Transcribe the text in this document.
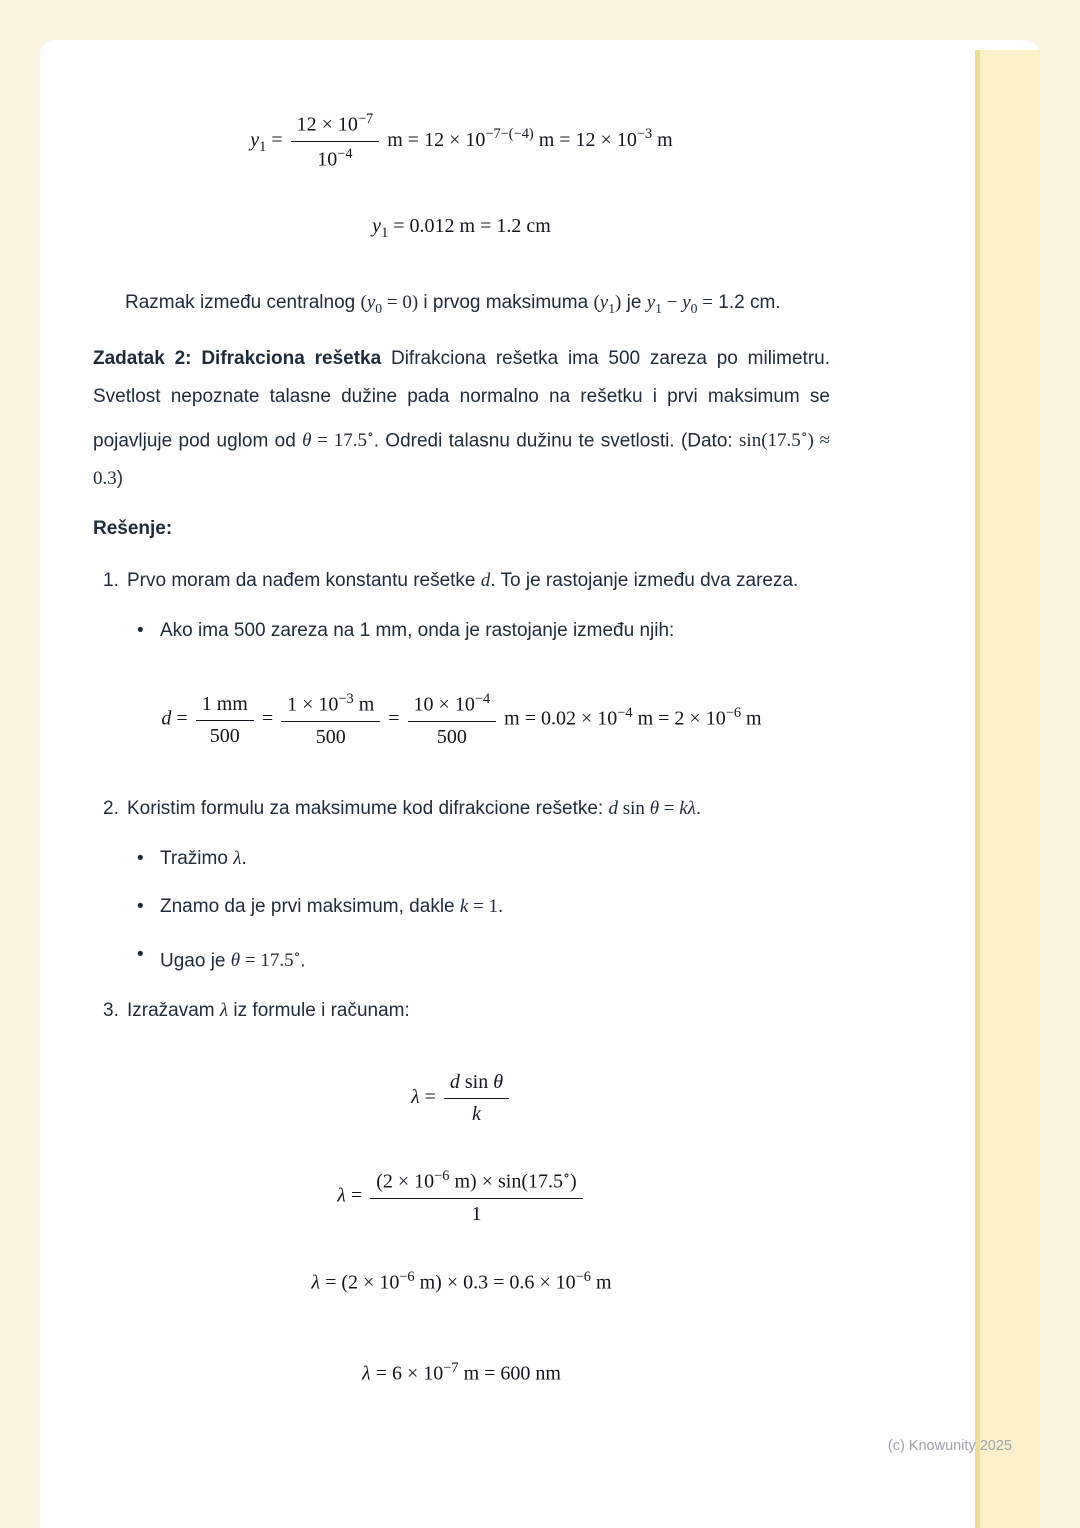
$y_1 = \frac{12 \times 10^{-7}}{10^{-4}}$ $m = 12 \times 10^{-7-(-4)}$ $m = 12 \times 10^{-3}$ m
$y_1 = 0.012$ m = 1.2 cm

Razmak između centralnog $(y_0 = 0)$ i prvog maksimuma $(y_1)$ je $y_1 - y_0 = 1.2$ cm.

Zadatak 2: Difrakciona rešetka Difrakciona rešetka ima 500 zareza po milimetru. Svetlost nepoznate talasne dužine pada normalno na rešetku i prvi maksimum se pojavljuje pod uglom od θ = 17.5∘. Odredi talasnu dužinu te svetlosti. (Dato: sin(17.5∘) ≈ 0.3)

Rešenje:

1. Prvo moram da nađem konstantu rešetke d. To je rastojanje između dva zareza.
• Ako ima 500 zareza na 1 mm, onda je rastojanje između njih:
$d = \frac{1 mm}{500} = \frac{1 \times 10^{-3} m}{500} = \frac{10 \times 10^{-4}}{500}$ $m = 0.02 \times 10^{-4}$ $m = 2 \times 10^{-6}$ m
2. Koristim formulu za maksimume kod difrakcione rešetke: d sin θ = kλ.
• Tražimo λ.
• Znamo da je prvi maksimum, dakle k = 1.
• Ugao je θ = 17.5∘.
3. Izražavam λ iz formule i računam:
$\lambda = \frac{\text{d sin θ}}{k}$
$\lambda = \frac{(2 \times 10^{-6} m) \times \sin(17.5^\circ)}{1}$
$\lambda = (2 \times 10^{-6}$ $m) \times 0.3 = 0.6 \times 10^{-6}$ m
$\lambda = 6 \times 10^{-7}$ m = 600 nm
(c) Knowunity 2025
